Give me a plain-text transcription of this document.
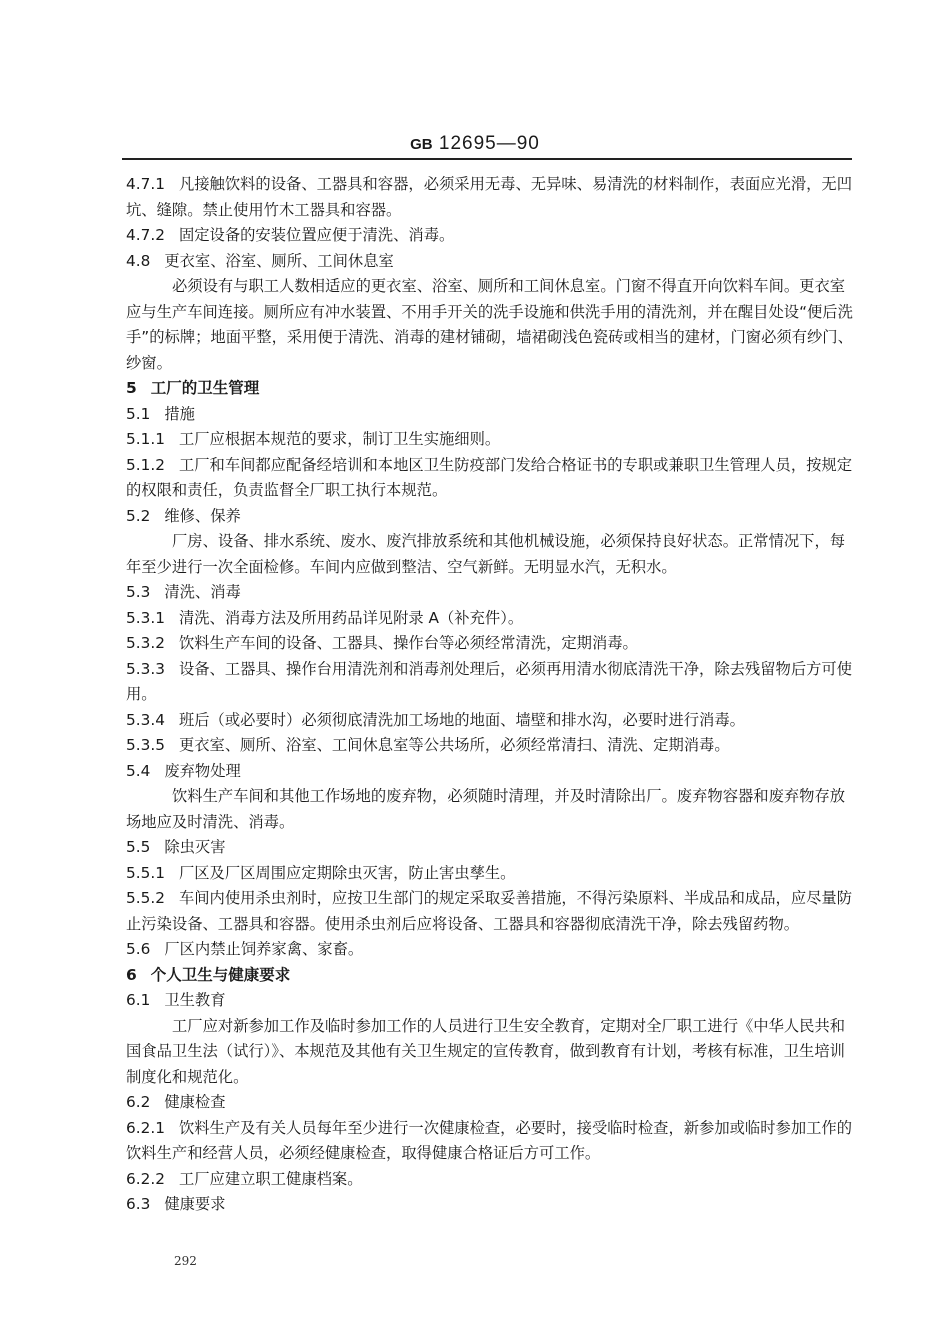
GB 12695—90

4.7.1 凡接触饮料的设备、工器具和容器，必须采用无毒、无异味、易清洗的材料制作，表面应光滑，无凹坑、缝隙。禁止使用竹木工器具和容器。

4.7.2 固定设备的安装位置应便于清洗、消毒。

4.8 更衣室、浴室、厕所、工间休息室

必须设有与职工人数相适应的更衣室、浴室、厕所和工间休息室。门窗不得直开向饮料车间。更衣室应与生产车间连接。厕所应有冲水装置、不用手开关的洗手设施和供洗手用的清洗剂，并在醒目处设“便后洗手”的标牌；地面平整，采用便于清洗、消毒的建材铺砌，墙裙砌浅色瓷砖或相当的建材，门窗必须有纱门、纱窗。

5 工厂的卫生管理

5.1 措施

5.1.1 工厂应根据本规范的要求，制订卫生实施细则。

5.1.2 工厂和车间都应配备经培训和本地区卫生防疫部门发给合格证书的专职或兼职卫生管理人员，按规定的权限和责任，负责监督全厂职工执行本规范。

5.2 维修、保养

厂房、设备、排水系统、废水、废汽排放系统和其他机械设施，必须保持良好状态。正常情况下，每年至少进行一次全面检修。车间内应做到整洁、空气新鲜。无明显水汽，无积水。

5.3 清洗、消毒

5.3.1 清洗、消毒方法及所用药品详见附录 A（补充件）。

5.3.2 饮料生产车间的设备、工器具、操作台等必须经常清洗，定期消毒。

5.3.3 设备、工器具、操作台用清洗剂和消毒剂处理后，必须再用清水彻底清洗干净，除去残留物后方可使用。

5.3.4 班后（或必要时）必须彻底清洗加工场地的地面、墙壁和排水沟，必要时进行消毒。

5.3.5 更衣室、厕所、浴室、工间休息室等公共场所，必须经常清扫、清洗、定期消毒。

5.4 废弃物处理

饮料生产车间和其他工作场地的废弃物，必须随时清理，并及时清除出厂。废弃物容器和废弃物存放场地应及时清洗、消毒。

5.5 除虫灭害

5.5.1 厂区及厂区周围应定期除虫灭害，防止害虫孳生。

5.5.2 车间内使用杀虫剂时，应按卫生部门的规定采取妥善措施，不得污染原料、半成品和成品，应尽量防止污染设备、工器具和容器。使用杀虫剂后应将设备、工器具和容器彻底清洗干净，除去残留药物。

5.6 厂区内禁止饲养家禽、家畜。

6 个人卫生与健康要求

6.1 卫生教育

工厂应对新参加工作及临时参加工作的人员进行卫生安全教育，定期对全厂职工进行《中华人民共和国食品卫生法（试行）》、本规范及其他有关卫生规定的宣传教育，做到教育有计划，考核有标准，卫生培训制度化和规范化。

6.2 健康检查

6.2.1 饮料生产及有关人员每年至少进行一次健康检查，必要时，接受临时检查，新参加或临时参加工作的饮料生产和经营人员，必须经健康检查，取得健康合格证后方可工作。

6.2.2 工厂应建立职工健康档案。

6.3 健康要求

292
